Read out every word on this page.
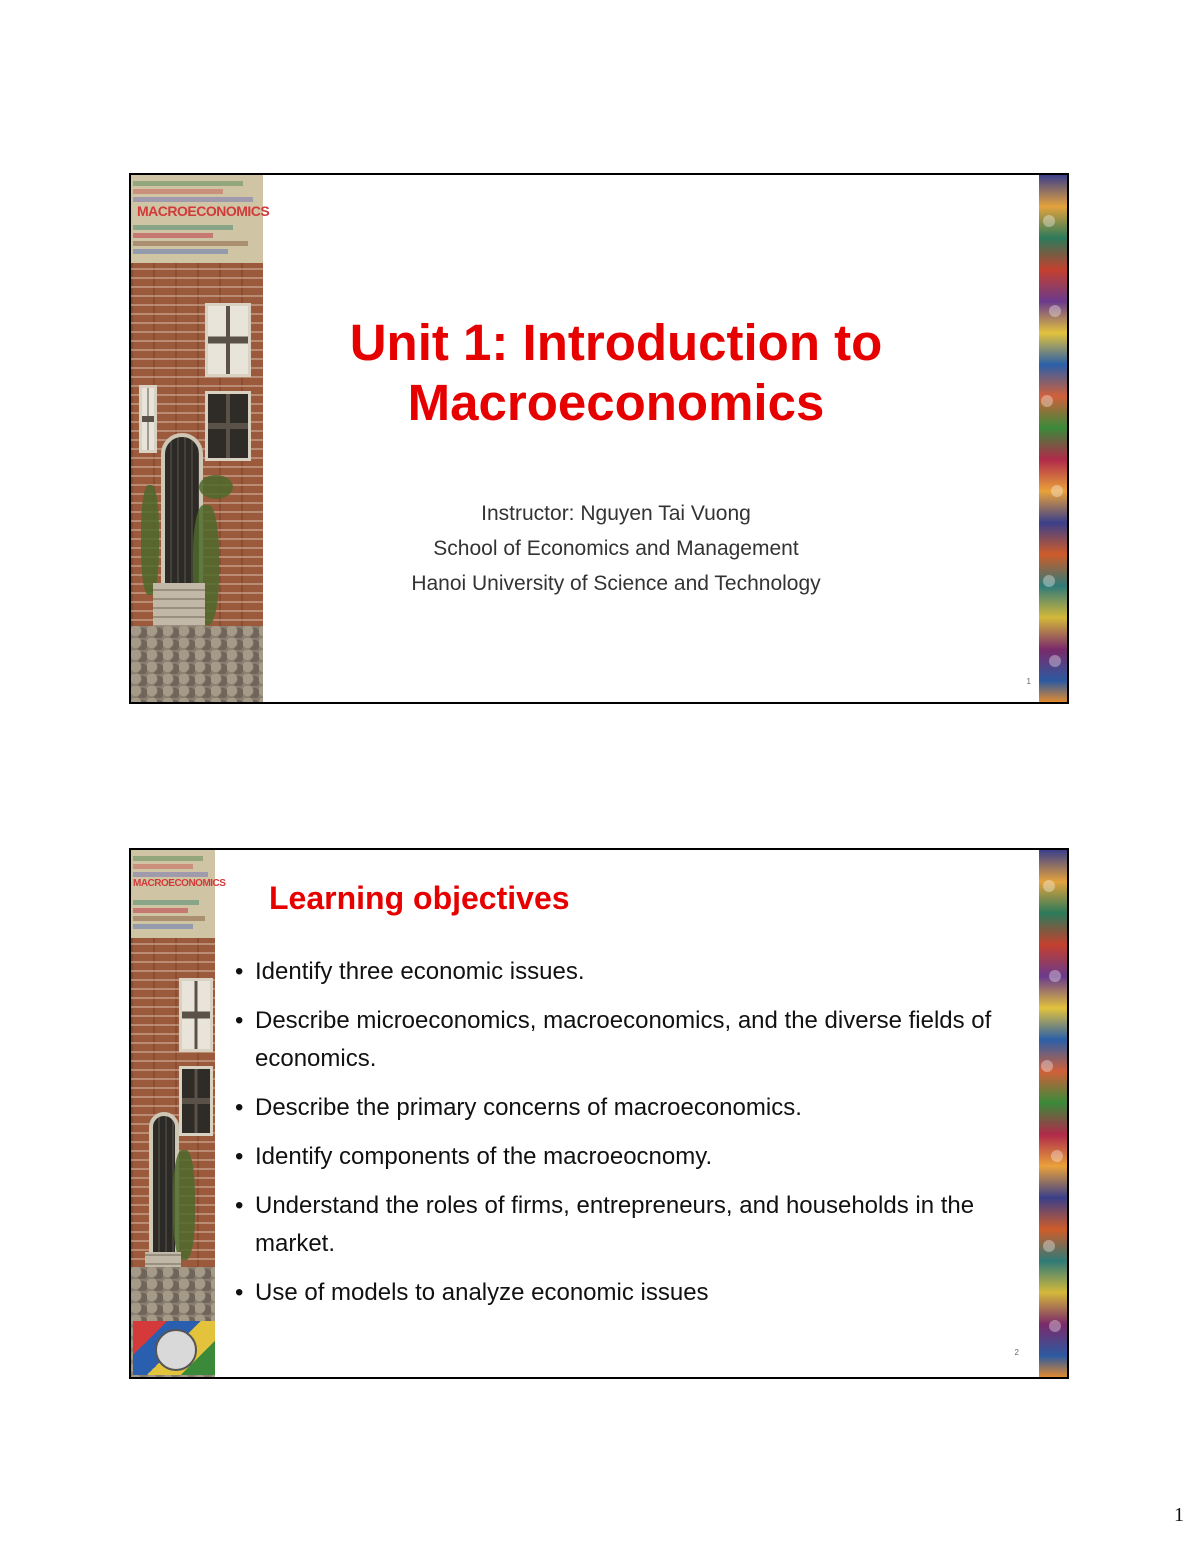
MACROECONOMICS
Unit 1: Introduction to Macroeconomics
Instructor: Nguyen Tai Vuong
School of Economics and Management
Hanoi University of Science and Technology
1
MACROECONOMICS Learning objectives
• Identify three economic issues.
• Describe microeconomics, macroeconomics, and the diverse fields of economics.
• Describe the primary concerns of macroeconomics.
• Identify components of the macroeocnomy.
• Understand the roles of firms, entrepreneurs, and households in the market.
• Use of models to analyze economic issues
2
1
